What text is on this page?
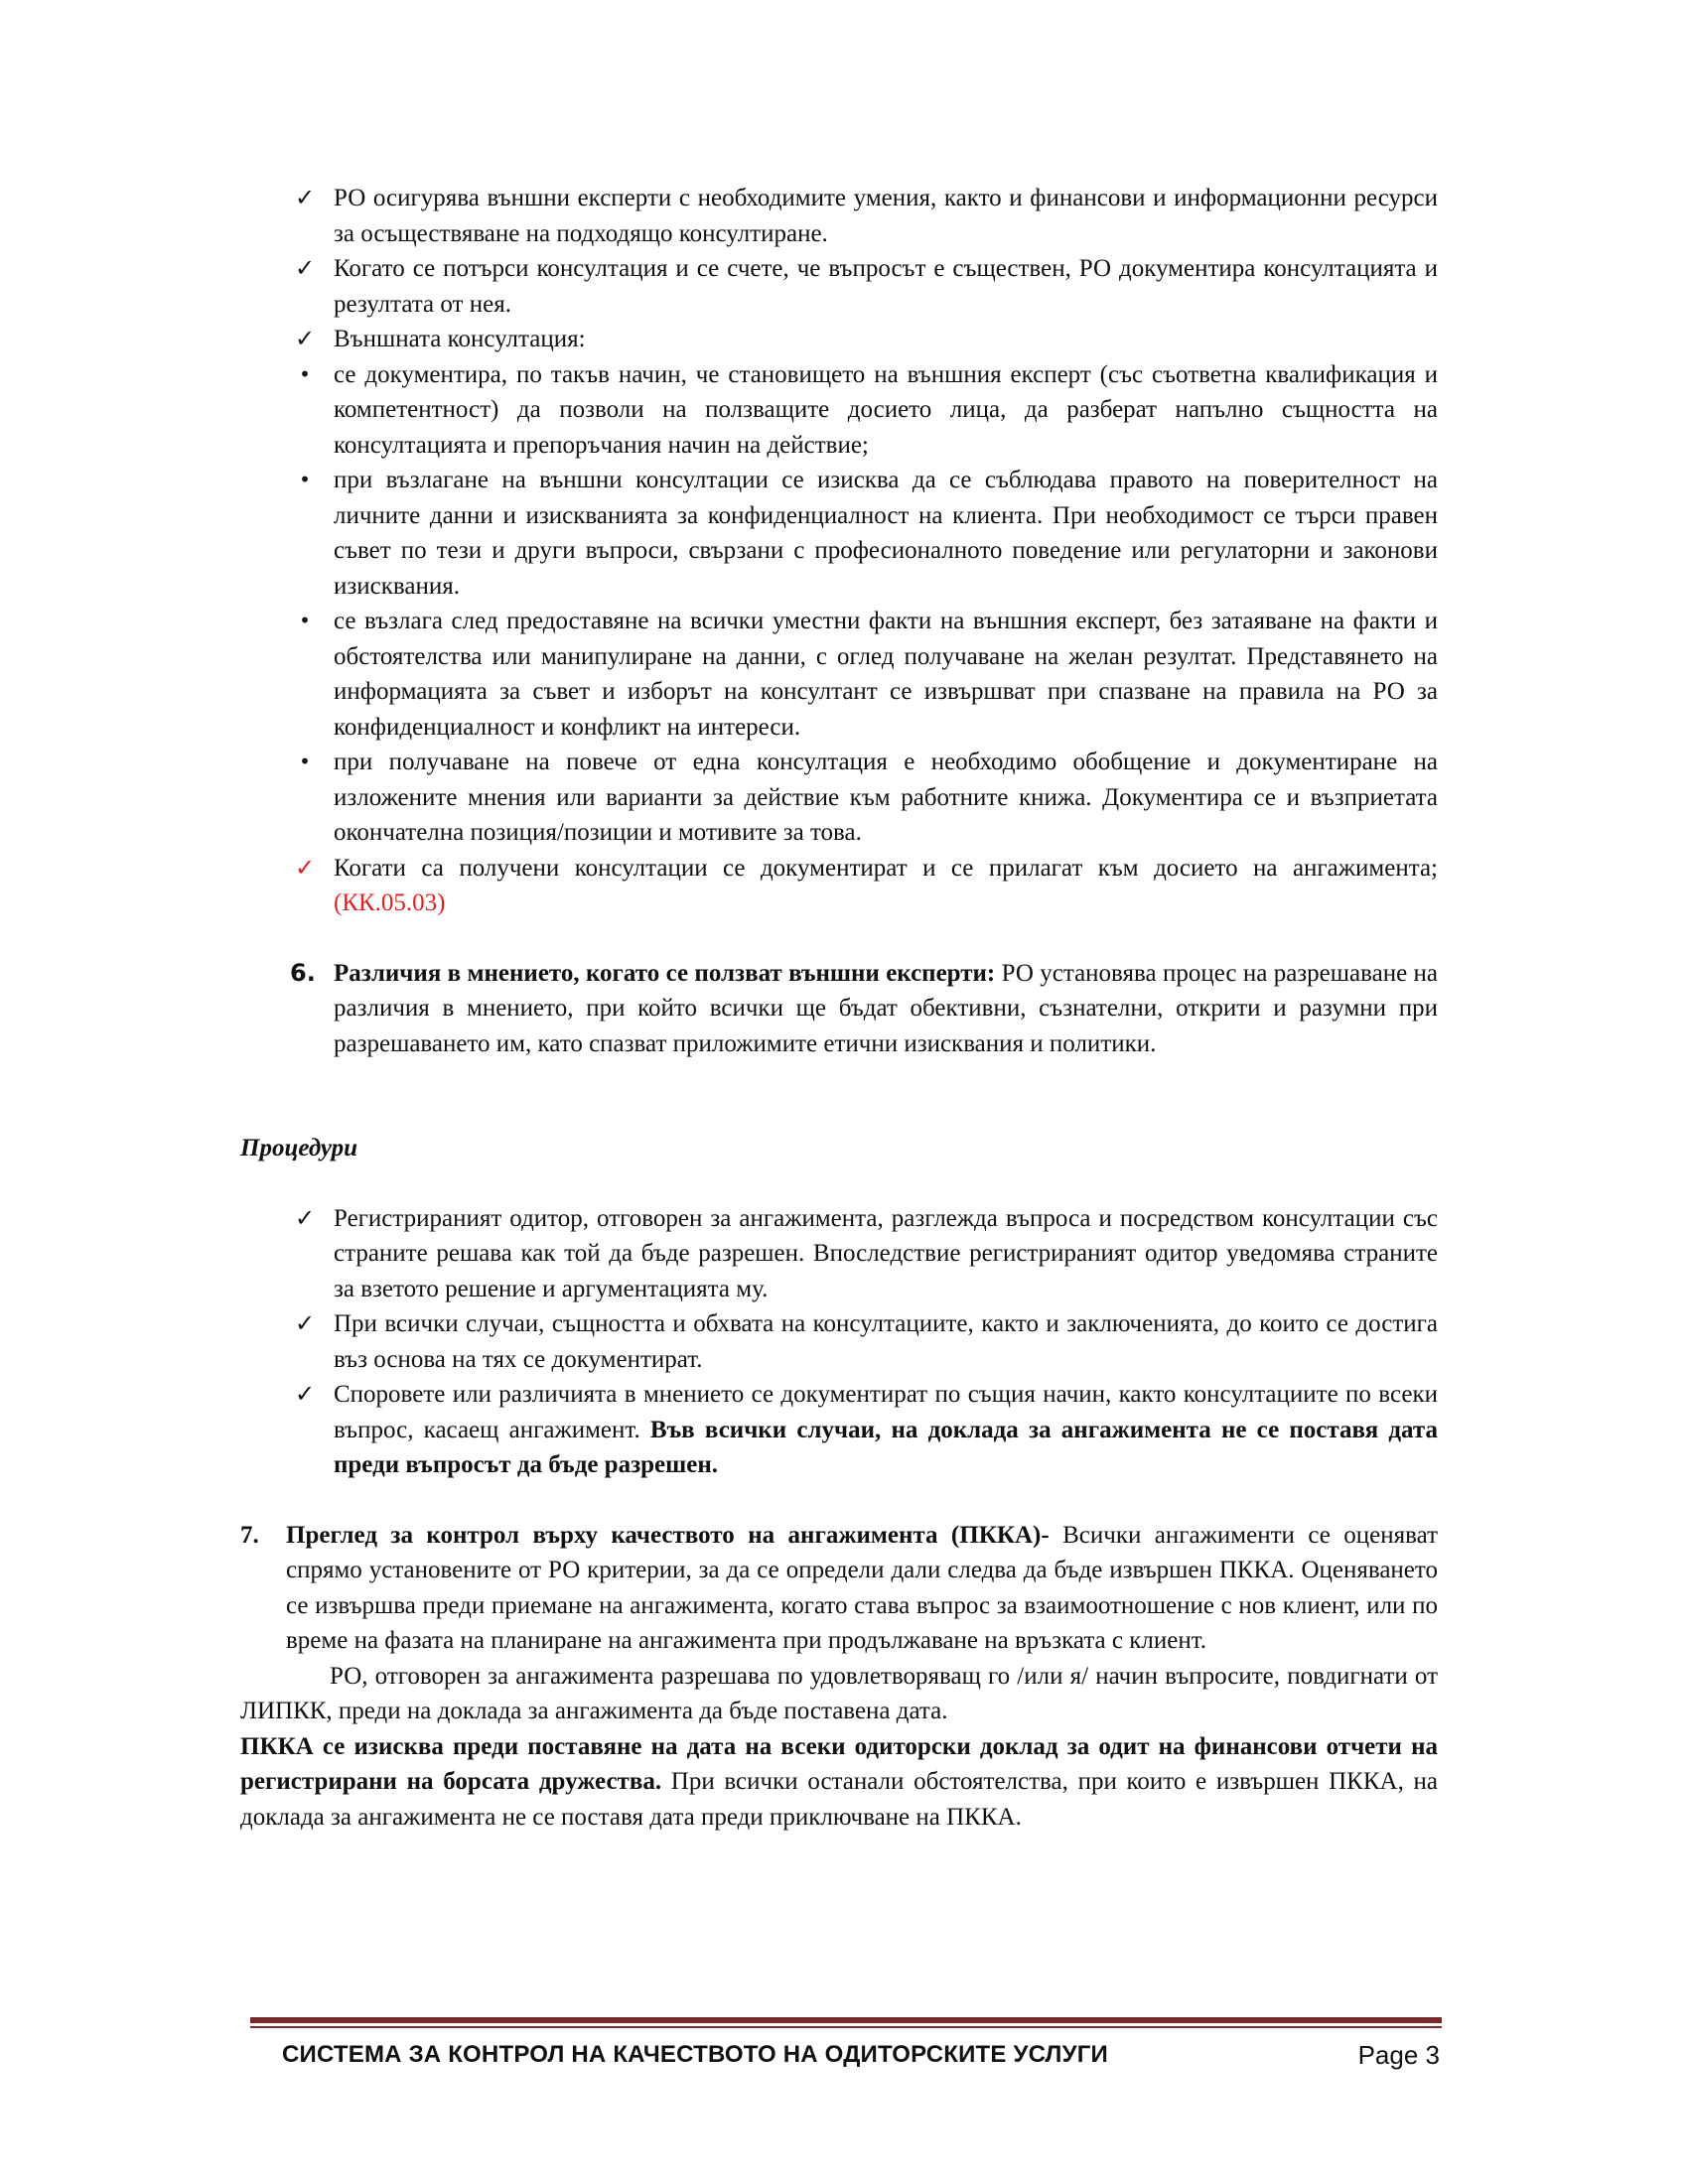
✓ РО осигурява външни експерти с необходимите умения, както и финансови и информационни ресурси за осъществяване на подходящо консултиране.
✓ Когато се потърси консултация и се счете, че въпросът е съществен, РО документира консултацията и резултата от нея.
✓ Външната консултация:
• се документира, по такъв начин, че становището на външния експерт (със съответна квалификация и компетентност) да позволи на ползващите досието лица, да разберат напълно същността на консултацията и препоръчания начин на действие;
• при възлагане на външни консултации се изисква да се съблюдава правото на поверителност на личните данни и изискванията за конфиденциалност на клиента. При необходимост се търси правен съвет по тези и други въпроси, свързани с професионалното поведение или регулаторни и законови изисквания.
• се възлага след предоставяне на всички уместни факти на външния експерт, без затаяване на факти и обстоятелства или манипулиране на данни, с оглед получаване на желан резултат. Представянето на информацията за съвет и изборът на консултант се извършват при спазване на правила на РО за конфиденциалност и конфликт на интереси.
• при получаване на повече от една консултация е необходимо обобщение и документиране на изложените мнения или варианти за действие към работните книжа. Документира се и възприетата окончателна позиция/позиции и мотивите за това.
✓ Когати са получени консултации се документират и се прилагат към досието на ангажимента; (КК.05.03)
6. Различия в мнението, когато се ползват външни експерти: РО установява процес на разрешаване на различия в мнението, при който всички ще бъдат обективни, съзнателни, открити и разумни при разрешаването им, като спазват приложимите етични изисквания и политики.
Процедури
✓ Регистрираният одитор, отговорен за ангажимента, разглежда въпроса и посредством консултации със страните решава как той да бъде разрешен. Впоследствие регистрираният одитор уведомява страните за взетото решение и аргументацията му.
✓ При всички случаи, същността и обхвата на консултациите, както и заключенията, до които се достига въз основа на тях се документират.
✓ Споровете или различията в мнението се документират по същия начин, както консултациите по всеки въпрос, касаещ ангажимент. Във всички случаи, на доклада за ангажимента не се поставя дата преди въпросът да бъде разрешен.
7. Преглед за контрол върху качеството на ангажимента (ПККА)- Всички ангажименти се оценяват спрямо установените от РО критерии, за да се определи дали следва да бъде извършен ПККА. Оценяването се извършва преди приемане на ангажимента, когато става въпрос за взаимоотношение с нов клиент, или по време на фазата на планиране на ангажимента при продължаване на връзката с клиент.
РО, отговорен за ангажимента разрешава по удовлетворяващ го /или я/ начин въпросите, повдигнати от ЛИПКК, преди на доклада за ангажимента да бъде поставена дата.
ПККА се изисква преди поставяне на дата на всеки одиторски доклад за одит на финансови отчети на регистрирани на борсата дружества. При всички останали обстоятелства, при които е извършен ПККА, на доклада за ангажимента не се поставя дата преди приключване на ПККА.
СИСТЕМА ЗА КОНТРОЛ НА КАЧЕСТВОТО НА ОДИТОРСКИТЕ УСЛУГИ	Page 3
